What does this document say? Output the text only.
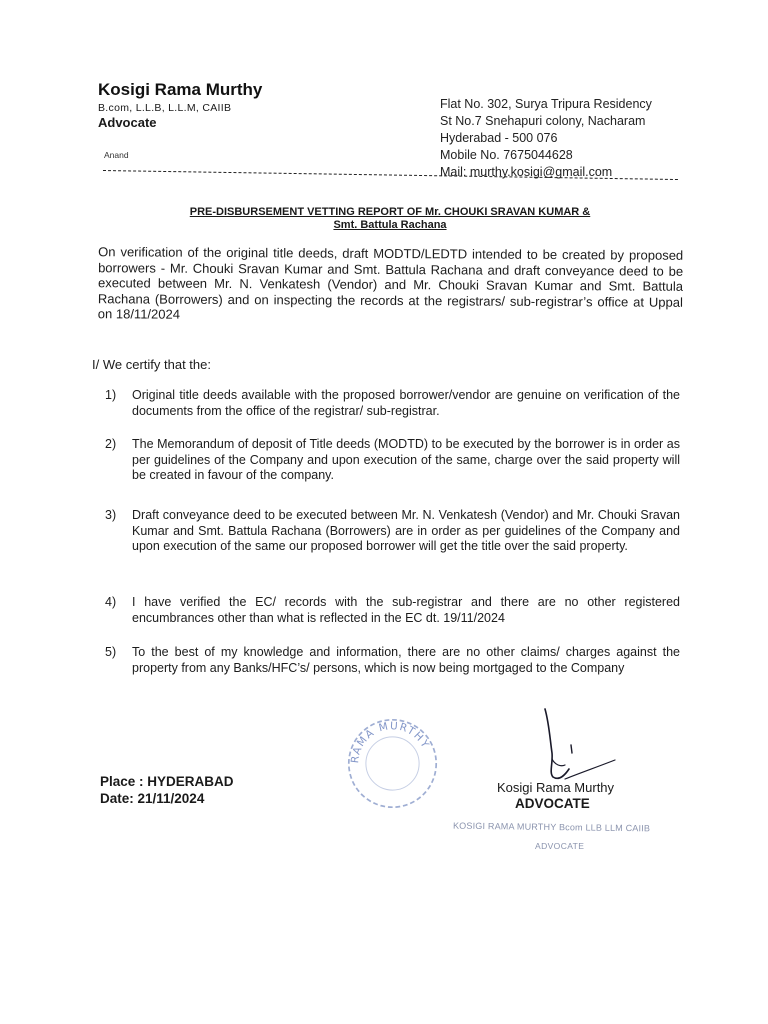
Kosigi Rama Murthy
B.com, L.L.B, L.L.M, CAIIB
Advocate
Anand
Flat No. 302, Surya Tripura Residency
St No.7 Snehapuri colony, Nacharam
Hyderabad - 500 076
Mobile No. 7675044628
Mail: murthy.kosigi@gmail.com
PRE-DISBURSEMENT VETTING REPORT OF Mr. CHOUKI SRAVAN KUMAR &
Smt. Battula Rachana
On verification of the original title deeds, draft MODTD/LEDTD intended to be created by proposed borrowers - Mr. Chouki Sravan Kumar and Smt. Battula Rachana and draft conveyance deed to be executed between Mr. N. Venkatesh (Vendor) and Mr. Chouki Sravan Kumar and Smt. Battula Rachana (Borrowers) and on inspecting the records at the registrars/ sub-registrar’s office at Uppal on 18/11/2024
I/ We certify that the:
1)	Original title deeds available with the proposed borrower/vendor are genuine on verification of the documents from the office of the registrar/ sub-registrar.
2)	The Memorandum of deposit of Title deeds (MODTD) to be executed by the borrower is in order as per guidelines of the Company and upon execution of the same, charge over the said property will be created in favour of the company.
3)	Draft conveyance deed to be executed between Mr. N. Venkatesh (Vendor) and Mr. Chouki Sravan Kumar and Smt. Battula Rachana (Borrowers) are in order as per guidelines of the Company and upon execution of the same our proposed borrower will get the title over the said property.
4)	I have verified the EC/ records with the sub-registrar and there are no other registered encumbrances other than what is reflected in the EC dt. 19/11/2024
5)	To the best of my knowledge and information, there are no other claims/ charges against the property from any Banks/HFC’s/ persons, which is now being mortgaged to the Company
Place : HYDERABAD
Date: 21/11/2024
RAMA MURTHY
Kosigi Rama Murthy
ADVOCATE
KOSIGI RAMA MURTHY Bcom LLB LLM CAIIB
ADVOCATE
